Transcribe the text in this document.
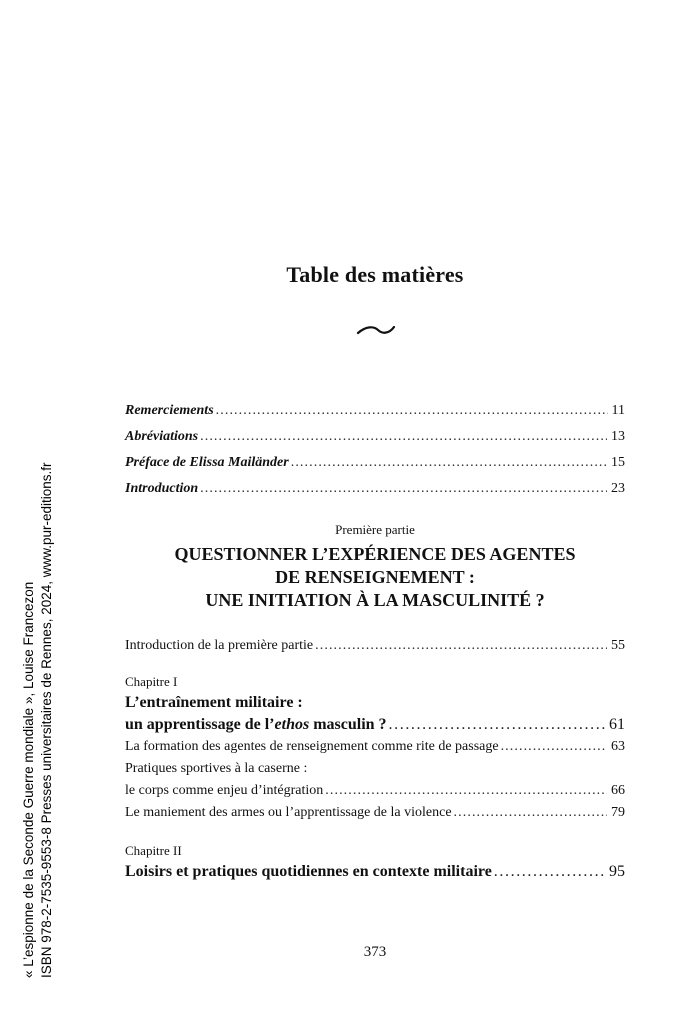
Table des matières
Remerciements . . .	11
Abréviations . . .	13
Préface de Elissa Mailänder . . .	15
Introduction . . .	23
Première partie
QUESTIONNER L’EXPÉRIENCE DES AGENTES
DE RENSEIGNEMENT :
UNE INITIATION À LA MASCULINITÉ ?
Introduction de la première partie . . .	55
Chapitre I
L’entraînement militaire :
un apprentissage de l’ethos masculin ? . . .	61
La formation des agentes de renseignement comme rite de passage . . .	63
Pratiques sportives à la caserne :
le corps comme enjeu d’intégration . . .	66
Le maniement des armes ou l’apprentissage de la violence . . .	79
Chapitre II
Loisirs et pratiques quotidiennes en contexte militaire . . .	95
373
« L’espionne de la Seconde Guerre mondiale », Louise Francezon ISBN 978-2-7535-9553-8 Presses universitaires de Rennes, 2024, www.pur-editions.fr
